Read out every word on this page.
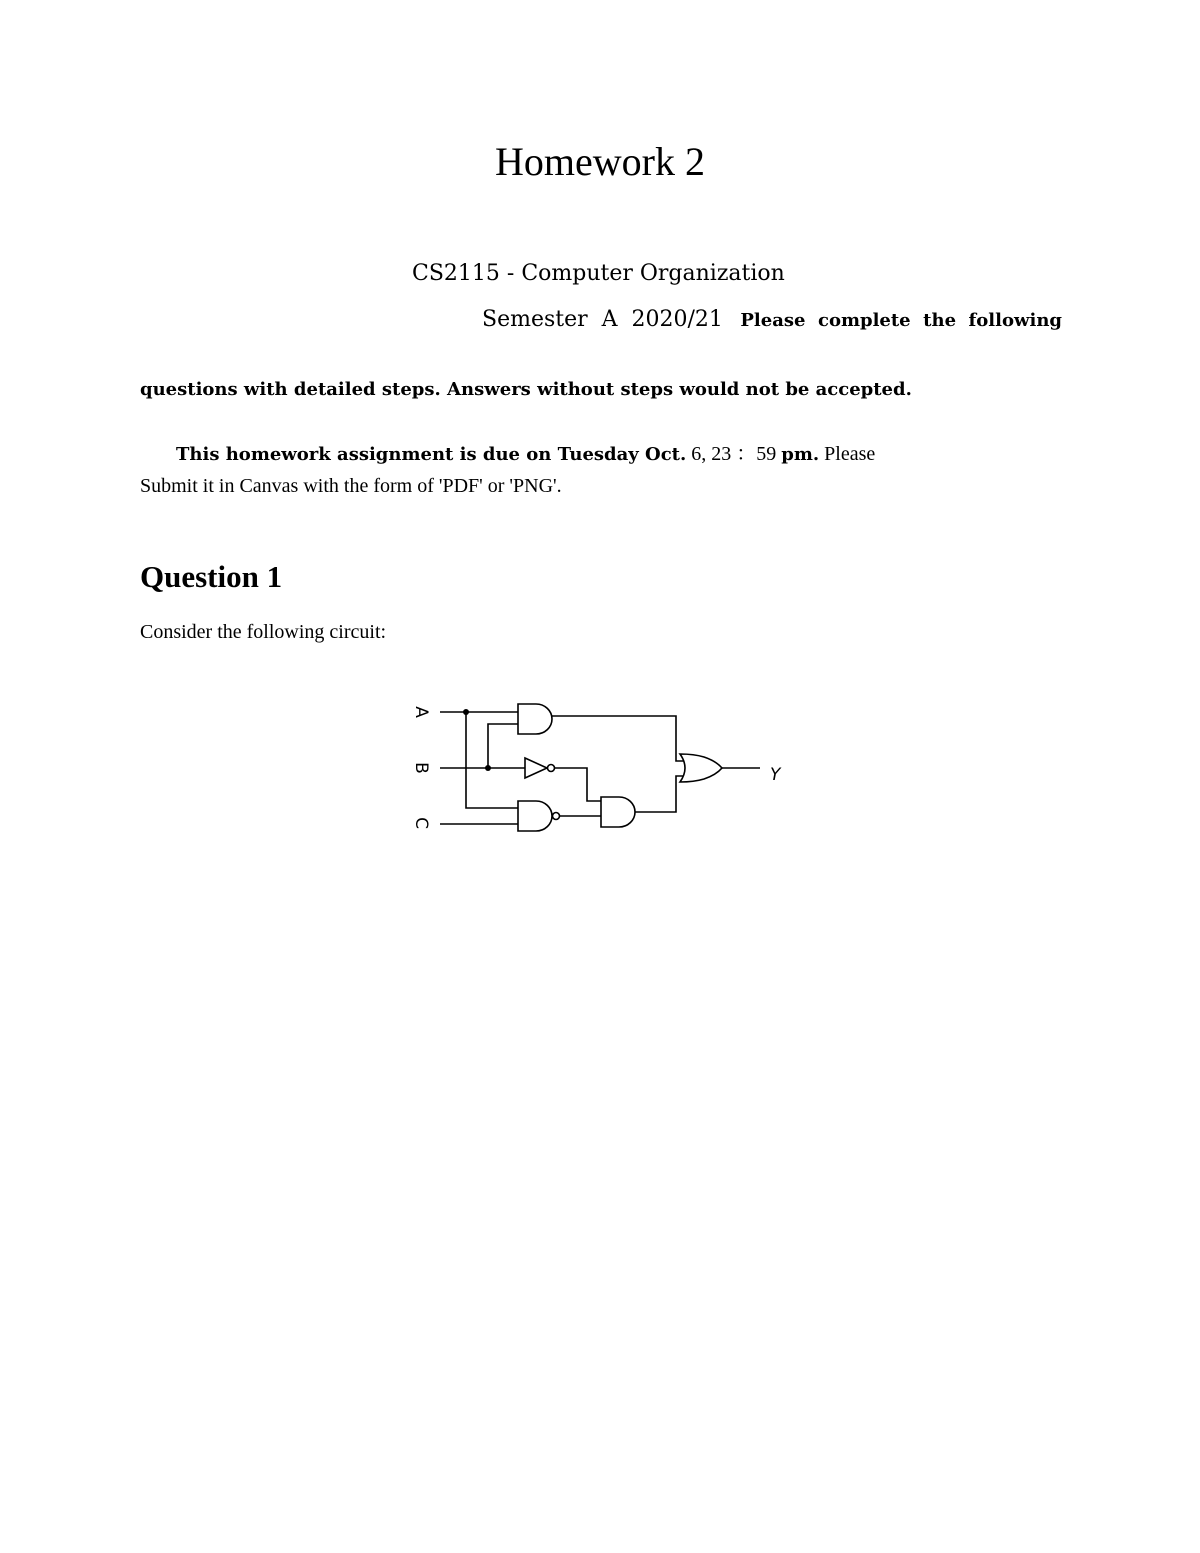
Homework 2
CS2115 - Computer Organization
Semester  A  2020/21 Please  complete  the  following
questions with detailed steps. Answers without steps would not be accepted.
This homework assignment is due on Tuesday Oct. 6, 23 ：59 pm. Please
Submit it in Canvas with the form of 'PDF' or 'PNG'.
Question 1
Consider the following circuit:
A
B
C
Y
